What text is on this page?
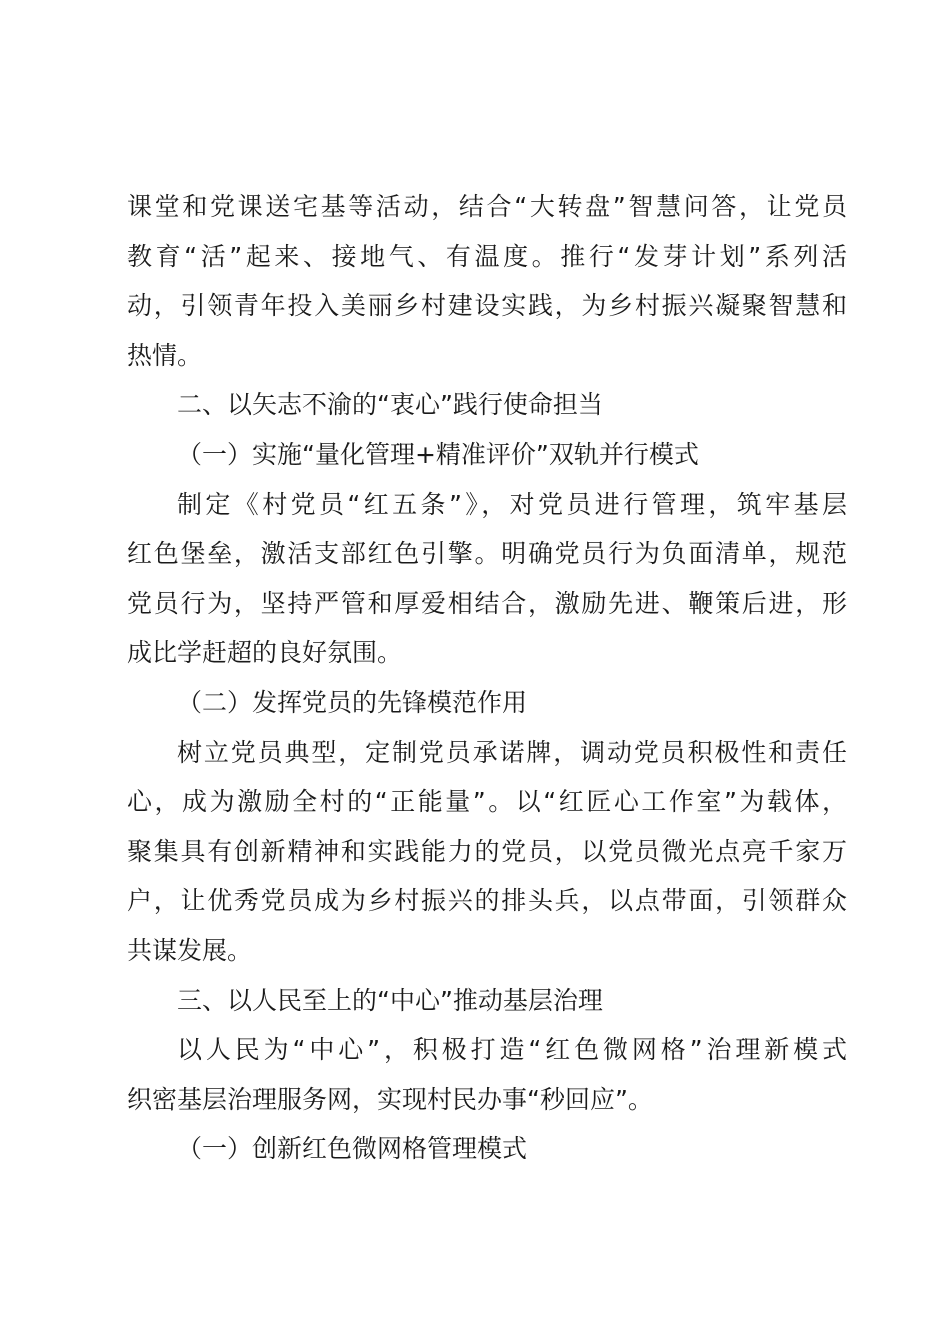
课堂和党课送宅基等活动，结合“大转盘”智慧问答，让党员
教育“活”起来、接地气、有温度。推行“发芽计划”系列活
动，引领青年投入美丽乡村建设实践，为乡村振兴凝聚智慧和
热情。
二、以矢志不渝的“衷心”践行使命担当
（一）实施“量化管理+精准评价”双轨并行模式
制定《村党员“红五条”》，对党员进行管理，筑牢基层
红色堡垒，激活支部红色引擎。明确党员行为负面清单，规范
党员行为，坚持严管和厚爱相结合，激励先进、鞭策后进，形
成比学赶超的良好氛围。
（二）发挥党员的先锋模范作用
树立党员典型，定制党员承诺牌，调动党员积极性和责任
心，成为激励全村的“正能量”。以“红匠心工作室”为载体，
聚集具有创新精神和实践能力的党员，以党员微光点亮千家万
户，让优秀党员成为乡村振兴的排头兵，以点带面，引领群众
共谋发展。
三、以人民至上的“中心”推动基层治理
以人民为“中心”，积极打造“红色微网格”治理新模式
织密基层治理服务网，实现村民办事“秒回应”。
（一）创新红色微网格管理模式
